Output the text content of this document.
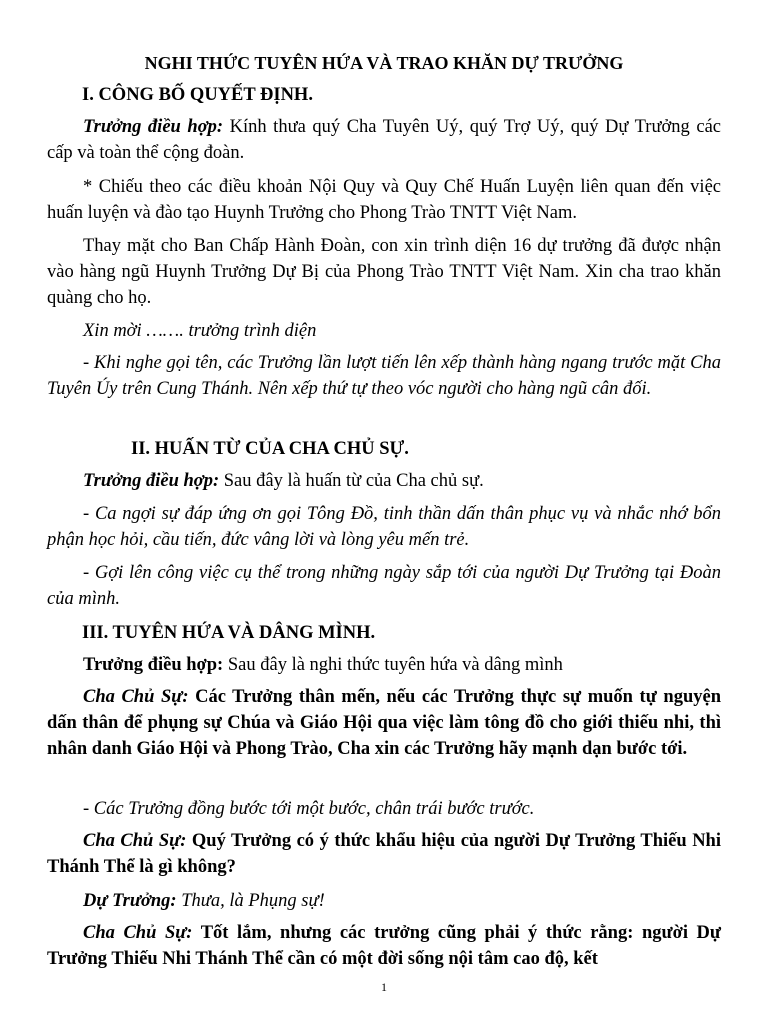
NGHI THỨC TUYÊN HỨA VÀ TRAO KHĂN DỰ TRƯỞNG
I. CÔNG BỐ QUYẾT ĐỊNH.

Trưởng điều hợp: Kính thưa quý Cha Tuyên Uý, quý Trợ Uý, quý Dự Trưởng các cấp và toàn thể cộng đoàn.

* Chiếu theo các điều khoản Nội Quy và Quy Chế Huấn Luyện liên quan đến việc huấn luyện và đào tạo Huynh Trưởng cho Phong Trào TNTT Việt Nam.

Thay mặt cho Ban Chấp Hành Đoàn, con xin trình diện 16 dự trưởng đã được nhận vào hàng ngũ Huynh Trưởng Dự Bị của Phong Trào TNTT Việt Nam. Xin cha trao khăn quàng cho họ.

Xin mời ……. trưởng trình diện

- Khi nghe gọi tên, các Trưởng lần lượt tiến lên xếp thành hàng ngang trước mặt Cha Tuyên Úy trên Cung Thánh. Nên xếp thứ tự theo vóc người cho hàng ngũ cân đối.

II. HUẤN TỪ CỦA CHA CHỦ SỰ.

Trưởng điều hợp: Sau đây là huấn từ của Cha chủ sự.

- Ca ngợi sự đáp ứng ơn gọi Tông Đồ, tinh thần dấn thân phục vụ và nhắc nhớ bổn phận học hỏi, cầu tiến, đức vâng lời và lòng yêu mến trẻ.

- Gợi lên công việc cụ thể trong những ngày sắp tới của người Dự Trưởng tại Đoàn của mình.

III. TUYÊN HỨA VÀ DÂNG MÌNH.

Trưởng điều hợp: Sau đây là nghi thức tuyên hứa và dâng mình

Cha Chủ Sự: Các Trưởng thân mến, nếu các Trưởng thực sự muốn tự nguyện dấn thân để phụng sự Chúa và Giáo Hội qua việc làm tông đồ cho giới thiếu nhi, thì nhân danh Giáo Hội và Phong Trào, Cha xin các Trưởng hãy mạnh dạn bước tới.

- Các Trưởng đồng bước tới một bước, chân trái bước trước.

Cha Chủ Sự: Quý Trưởng có ý thức khẩu hiệu của người Dự Trưởng Thiếu Nhi Thánh Thể là gì không?

Dự Trưởng: Thưa, là Phụng sự!

Cha Chủ Sự: Tốt lắm, nhưng các trưởng cũng phải ý thức rằng: người Dự Trưởng Thiếu Nhi Thánh Thể cần có một đời sống nội tâm cao độ, kết

1
